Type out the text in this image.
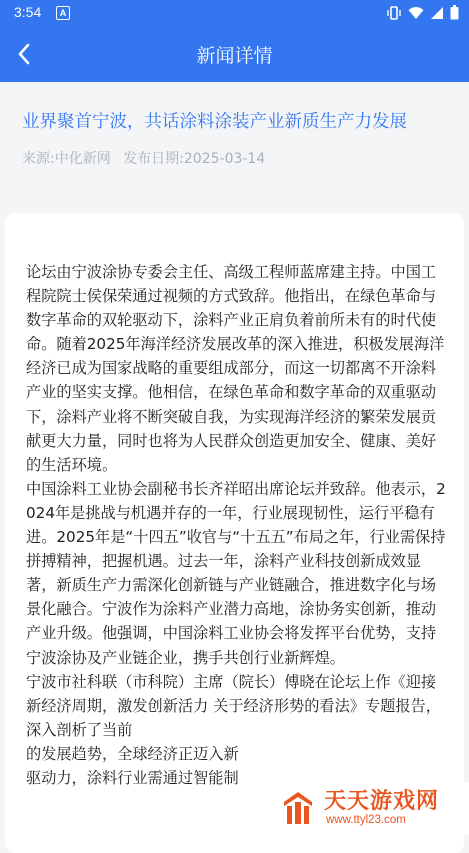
3:54	A
新闻详情
业界聚首宁波，共话涂料涂装产业新质生产力发展
来源:中化新网 发布日期:2025-03-14

论坛由宁波涂协专委会主任、高级工程师蓝席建主持。中国工程院院士侯保荣通过视频的方式致辞。他指出，在绿色革命与数字革命的双轮驱动下，涂料产业正肩负着前所未有的时代使命。随着2025年海洋经济发展改革的深入推进，积极发展海洋经济已成为国家战略的重要组成部分，而这一切都离不开涂料产业的坚实支撑。他相信，在绿色革命和数字革命的双重驱动下，涂料产业将不断突破自我，为实现海洋经济的繁荣发展贡献更大力量，同时也将为人民群众创造更加安全、健康、美好的生活环境。

中国涂料工业协会副秘书长齐祥昭出席论坛并致辞。他表示，2024年是挑战与机遇并存的一年，行业展现韧性，运行平稳有进。2025年是“十四五”收官与“十五五”布局之年，行业需保持拼搏精神，把握机遇。过去一年，涂料产业科技创新成效显著，新质生产力需深化创新链与产业链融合，推进数字化与场景化融合。宁波作为涂料产业潜力高地，涂协务实创新，推动产业升级。他强调，中国涂料工业协会将发挥平台优势，支持宁波涂协及产业链企业，携手共创行业新辉煌。

宁波市社科联（市科院）主席（院长）傅晓在论坛上作《迎接新经济周期，激发创新活力 关于经济形势的看法》专题报告，深入剖析了当前

的发展趋势，全球经济正迈入新

驱动力，涂料行业需通过智能制

天天游戏网
www.ttyl23.com
